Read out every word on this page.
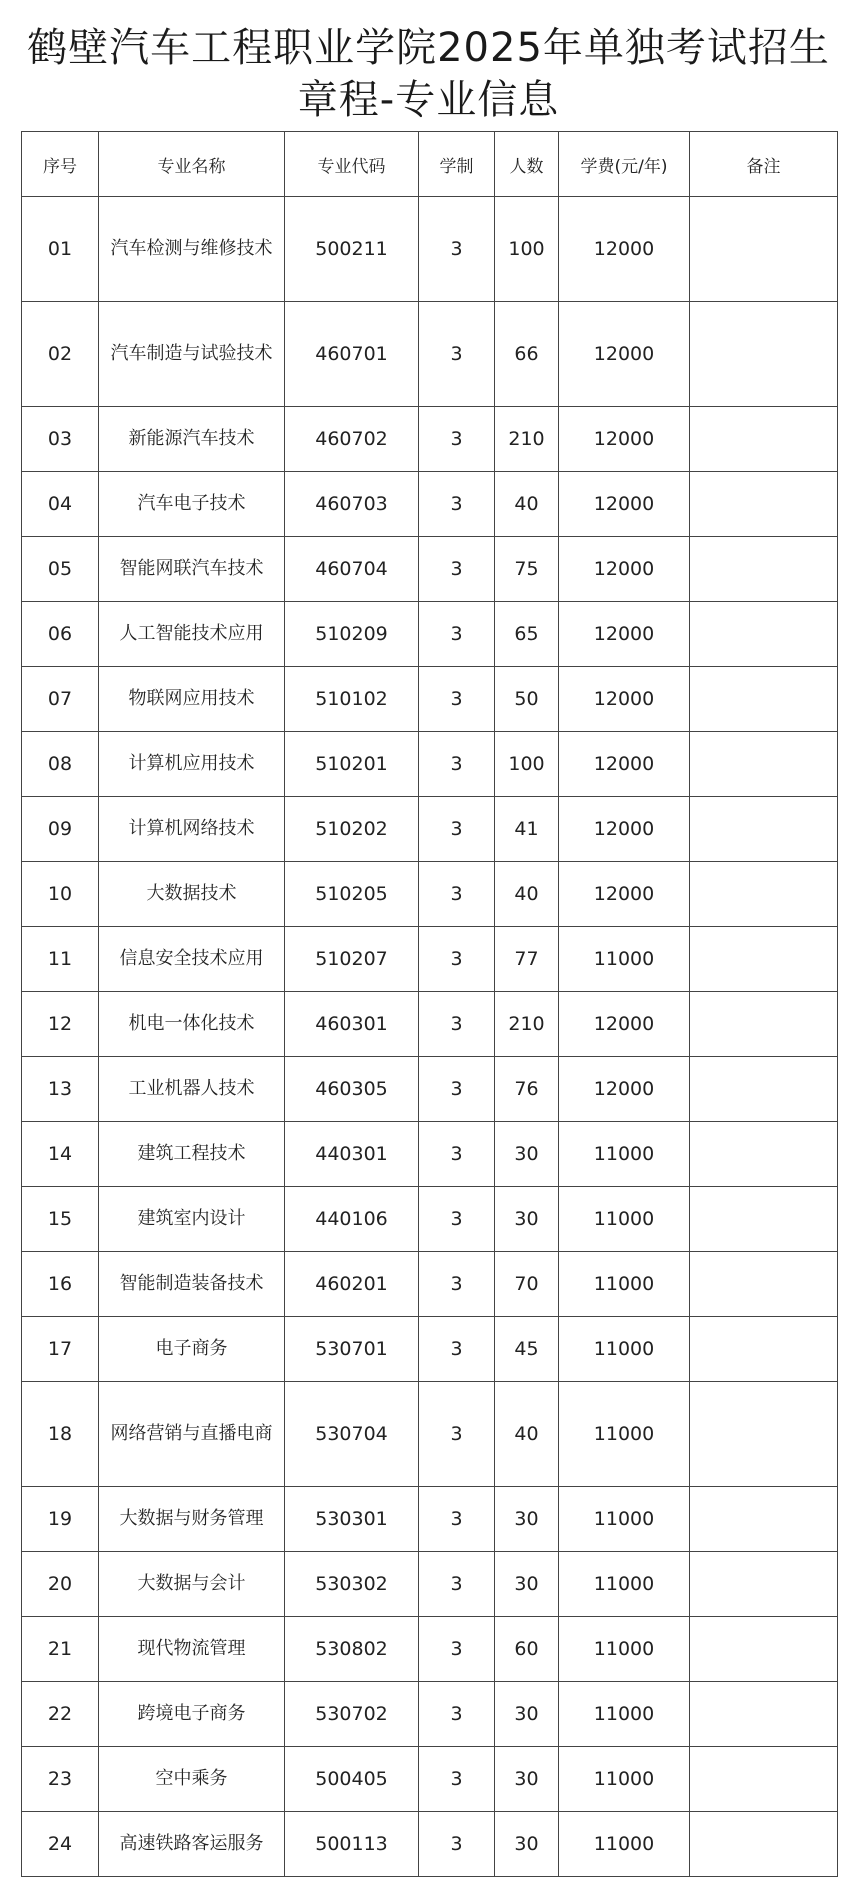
鹤壁汽车工程职业学院2025年单独考试招生
章程-专业信息
序号	专业名称	专业代码	学制	人数	学费(元/年)	备注
01	汽车检测与维修技术	500211	3	100	12000	
02	汽车制造与试验技术	460701	3	66	12000	
03	新能源汽车技术	460702	3	210	12000	
04	汽车电子技术	460703	3	40	12000	
05	智能网联汽车技术	460704	3	75	12000	
06	人工智能技术应用	510209	3	65	12000	
07	物联网应用技术	510102	3	50	12000	
08	计算机应用技术	510201	3	100	12000	
09	计算机网络技术	510202	3	41	12000	
10	大数据技术	510205	3	40	12000	
11	信息安全技术应用	510207	3	77	11000	
12	机电一体化技术	460301	3	210	12000	
13	工业机器人技术	460305	3	76	12000	
14	建筑工程技术	440301	3	30	11000	
15	建筑室内设计	440106	3	30	11000	
16	智能制造装备技术	460201	3	70	11000	
17	电子商务	530701	3	45	11000	
18	网络营销与直播电商	530704	3	40	11000	
19	大数据与财务管理	530301	3	30	11000	
20	大数据与会计	530302	3	30	11000	
21	现代物流管理	530802	3	60	11000	
22	跨境电子商务	530702	3	30	11000	
23	空中乘务	500405	3	30	11000	
24	高速铁路客运服务	500113	3	30	11000	
